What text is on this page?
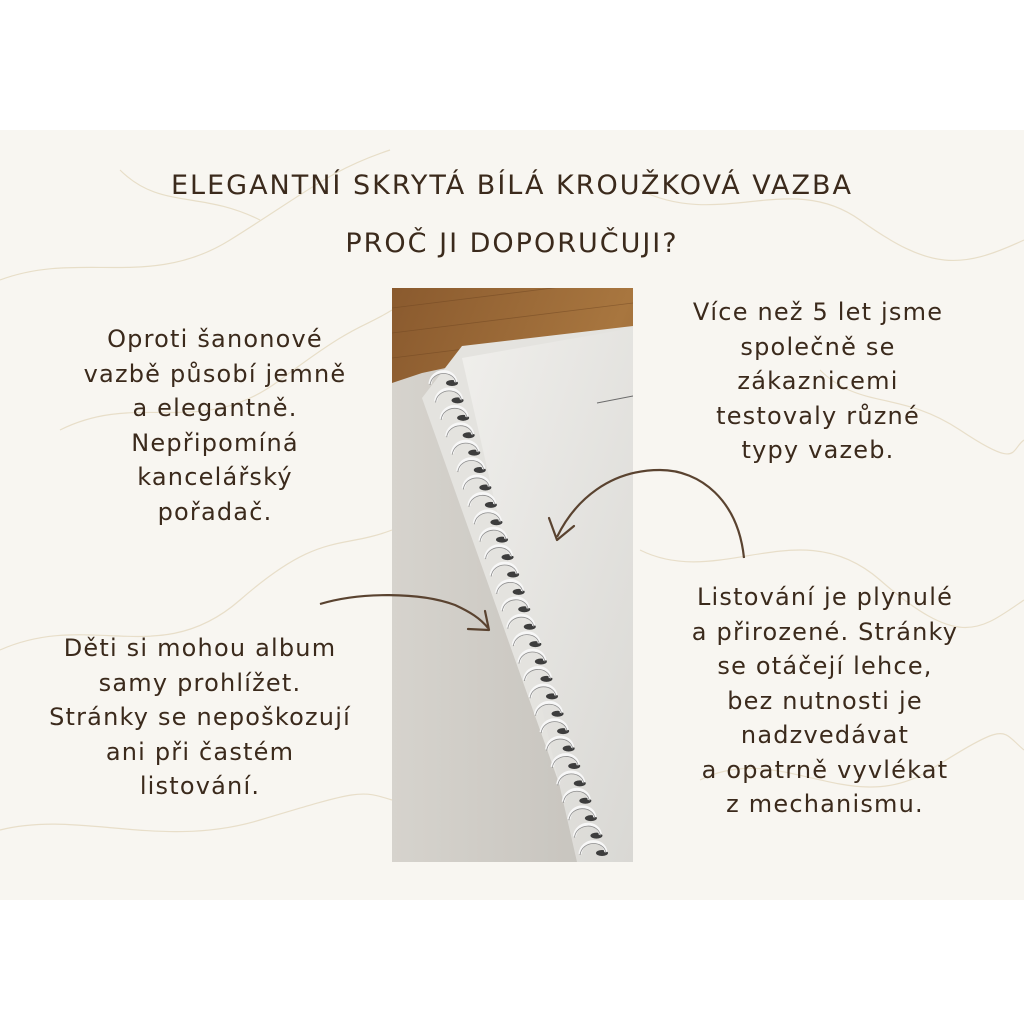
ELEGANTNÍ SKRYTÁ BÍLÁ KROUŽKOVÁ VAZBA
PROČ JI DOPORUČUJI?
Oproti šanonové
vazbě působí jemně
a elegantně.
Nepřipomíná
kancelářský
pořadač.
Více než 5 let jsme
společně se
zákaznicemi
testovaly různé
typy vazeb.
Děti si mohou album
samy prohlížet.
Stránky se nepoškozují
ani při častém
listování.
Listování je plynulé
a přirozené. Stránky
se otáčejí lehce,
bez nutnosti je
nadzvedávat
a opatrně vyvlékat
z mechanismu.
